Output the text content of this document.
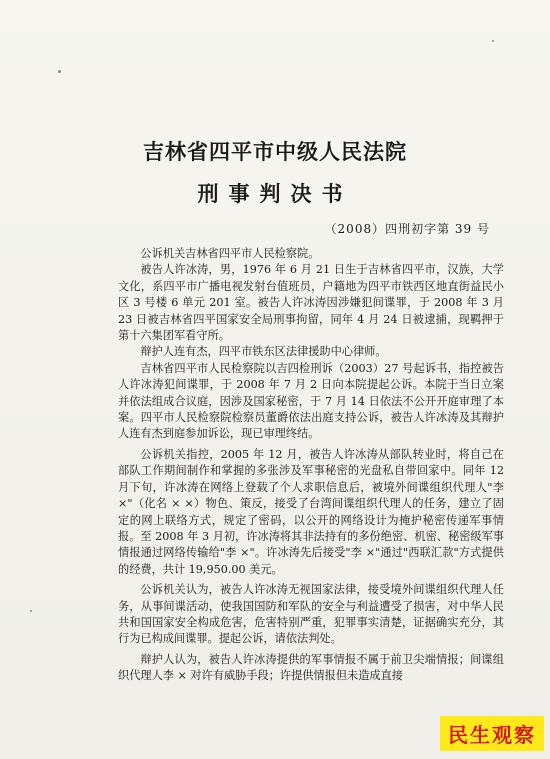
吉林省四平市中级人民法院
刑事判决书
（2008）四刑初字第 39 号

公诉机关吉林省四平市人民检察院。

被告人许冰涛，男，1976 年 6 月 21 日生于吉林省四平市，汉族，大学文化，系四平市广播电视发射台值班员，户籍地为四平市铁西区地直街益民小区 3 号楼 6 单元 201 室。被告人许冰涛因涉嫌犯间谍罪，于 2008 年 3 月 23 日被吉林省四平国家安全局刑事拘留，同年 4 月 24 日被逮捕，现羁押于第十六集团军看守所。

辩护人连有杰，四平市铁东区法律援助中心律师。

吉林省四平市人民检察院以吉四检刑诉（2003）27 号起诉书，指控被告人许冰涛犯间谍罪，于 2008 年 7 月 2 日向本院提起公诉。本院于当日立案并依法组成合议庭，因涉及国家秘密，于 7 月 14 日依法不公开开庭审理了本案。四平市人民检察院检察员董爵依法出庭支持公诉，被告人许冰涛及其辩护人连有杰到庭参加诉讼，现已审理终结。

公诉机关指控，2005 年 12 月，被告人许冰涛从部队转业时，将自己在部队工作期间制作和掌握的多张涉及军事秘密的光盘私自带回家中。同年 12 月下旬，许冰涛在网络上登载了个人求职信息后，被境外间谍组织代理人"李 ×"（化名 × ×）物色、策反，接受了台湾间谍组织代理人的任务，建立了固定的网上联络方式，规定了密码，以公开的网络设计为掩护秘密传递军事情报。至 2008 年 3 月初，许冰涛将其非法持有的多份绝密、机密、秘密级军事情报通过网络传输给"李 ×"。许冰涛先后接受"李 ×"通过"西联汇款"方式提供的经费，共计 19,950.00 美元。

公诉机关认为，被告人许冰涛无视国家法律，接受境外间谍组织代理人任务，从事间谍活动，使我国国防和军队的安全与利益遭受了损害，对中华人民共和国国家安全构成危害，危害特别严重，犯罪事实清楚，证据确实充分，其行为已构成间谍罪。提起公诉，请依法判处。

辩护人认为，被告人许冰涛提供的军事情报不属于前卫尖端情报；间谍组织代理人李 × 对许有威胁手段；许提供情报但未造成直接

民生观察
